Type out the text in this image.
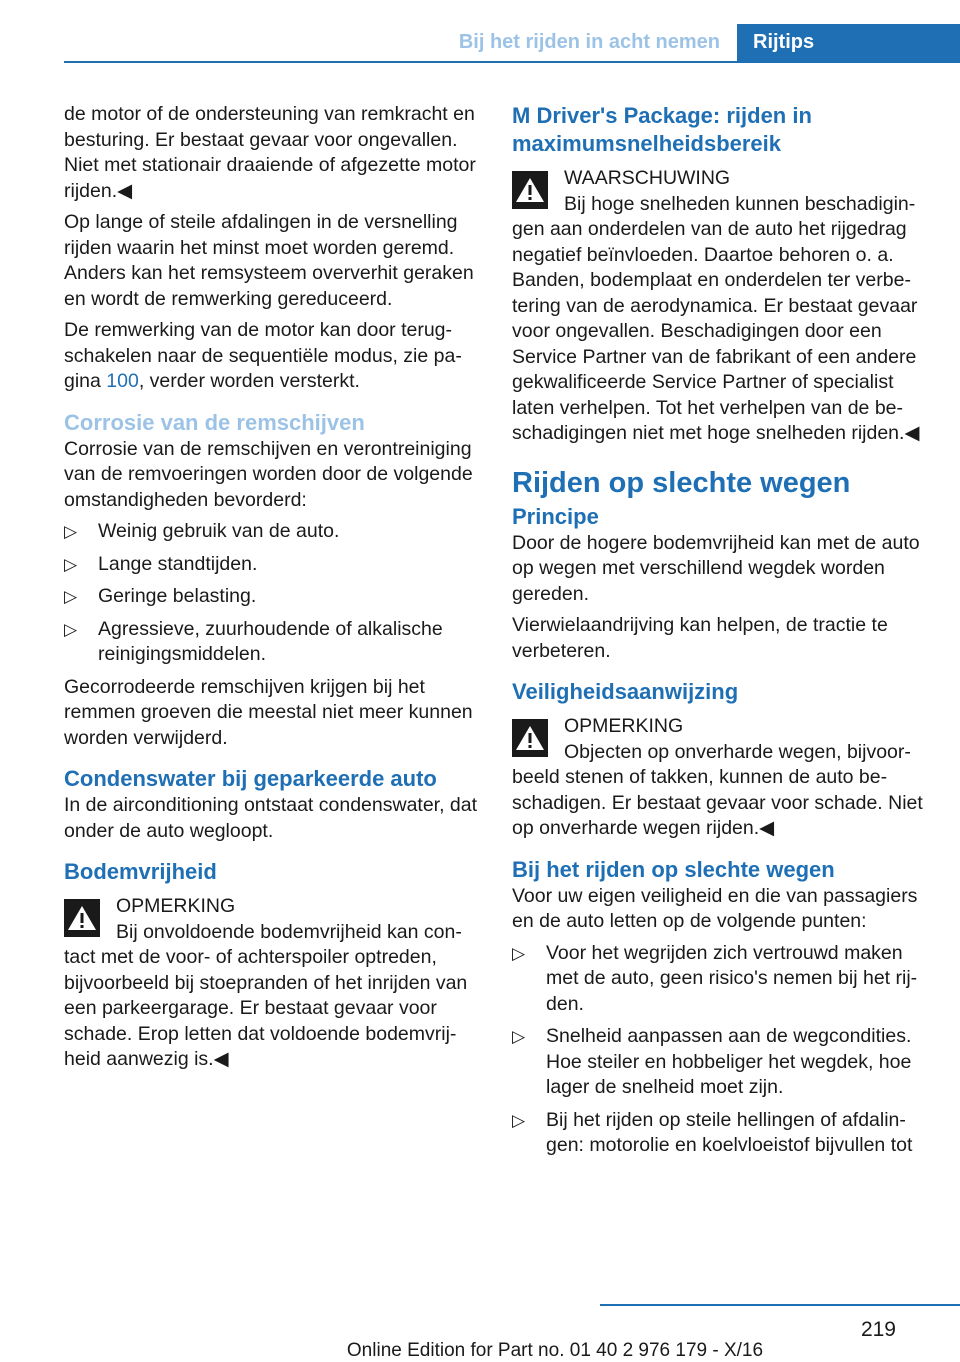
Bij het rijden in acht nemen	Rijtips

de motor of de ondersteuning van remkracht en besturing. Er bestaat gevaar voor ongevallen. Niet met stationair draaiende of afgezette motor rijden.◀

Op lange of steile afdalingen in de versnelling rijden waarin het minst moet worden geremd. Anders kan het remsysteem oververhit geraken en wordt de remwerking gereduceerd.

De remwerking van de motor kan door terugschakelen naar de sequentiële modus, zie pagina 100, verder worden versterkt.

Corrosie van de remschijven

Corrosie van de remschijven en verontreiniging van de remvoeringen worden door de volgende omstandigheden bevorderd:

▷ Weinig gebruik van de auto.
▷ Lange standtijden.
▷ Geringe belasting.
▷ Agressieve, zuurhoudende of alkalische reinigingsmiddelen.

Gecorrodeerde remschijven krijgen bij het remmen groeven die meestal niet meer kunnen worden verwijderd.

Condenswater bij geparkeerde auto

In de airconditioning ontstaat condenswater, dat onder de auto wegloopt.

Bodemvrijheid
OPMERKING
Bij onvoldoende bodemvrijheid kan contact met de voor- of achterspoiler optreden, bijvoorbeeld bij stoepranden of het inrijden van een parkeergarage. Er bestaat gevaar voor schade. Erop letten dat voldoende bodemvrijheid aanwezig is.◀
M Driver's Package: rijden in maximumsnelheidsbereik
WAARSCHUWING
Bij hoge snelheden kunnen beschadigingen aan onderdelen van de auto het rijgedrag negatief beïnvloeden. Daartoe behoren o. a. Banden, bodemplaat en onderdelen ter verbetering van de aerodynamica. Er bestaat gevaar voor ongevallen. Beschadigingen door een Service Partner van de fabrikant of een andere gekwalificeerde Service Partner of specialist laten verhelpen. Tot het verhelpen van de beschadigingen niet met hoge snelheden rijden.◀
Rijden op slechte wegen
Principe

Door de hogere bodemvrijheid kan met de auto op wegen met verschillend wegdek worden gereden.

Vierwielaandrijving kan helpen, de tractie te verbeteren.

Veiligheidsaanwijzing
OPMERKING
Objecten op onverharde wegen, bijvoorbeeld stenen of takken, kunnen de auto beschadigen. Er bestaat gevaar voor schade. Niet op onverharde wegen rijden.◀
Bij het rijden op slechte wegen

Voor uw eigen veiligheid en die van passagiers en de auto letten op de volgende punten:

▷ Voor het wegrijden zich vertrouwd maken met de auto, geen risico's nemen bij het rijden.
▷ Snelheid aanpassen aan de wegcondities. Hoe steiler en hobbeliger het wegdek, hoe lager de snelheid moet zijn.
▷ Bij het rijden op steile hellingen of afdalingen: motorolie en koelvloeistof bijvullen tot
219
Online Edition for Part no. 01 40 2 976 179 - X/16
